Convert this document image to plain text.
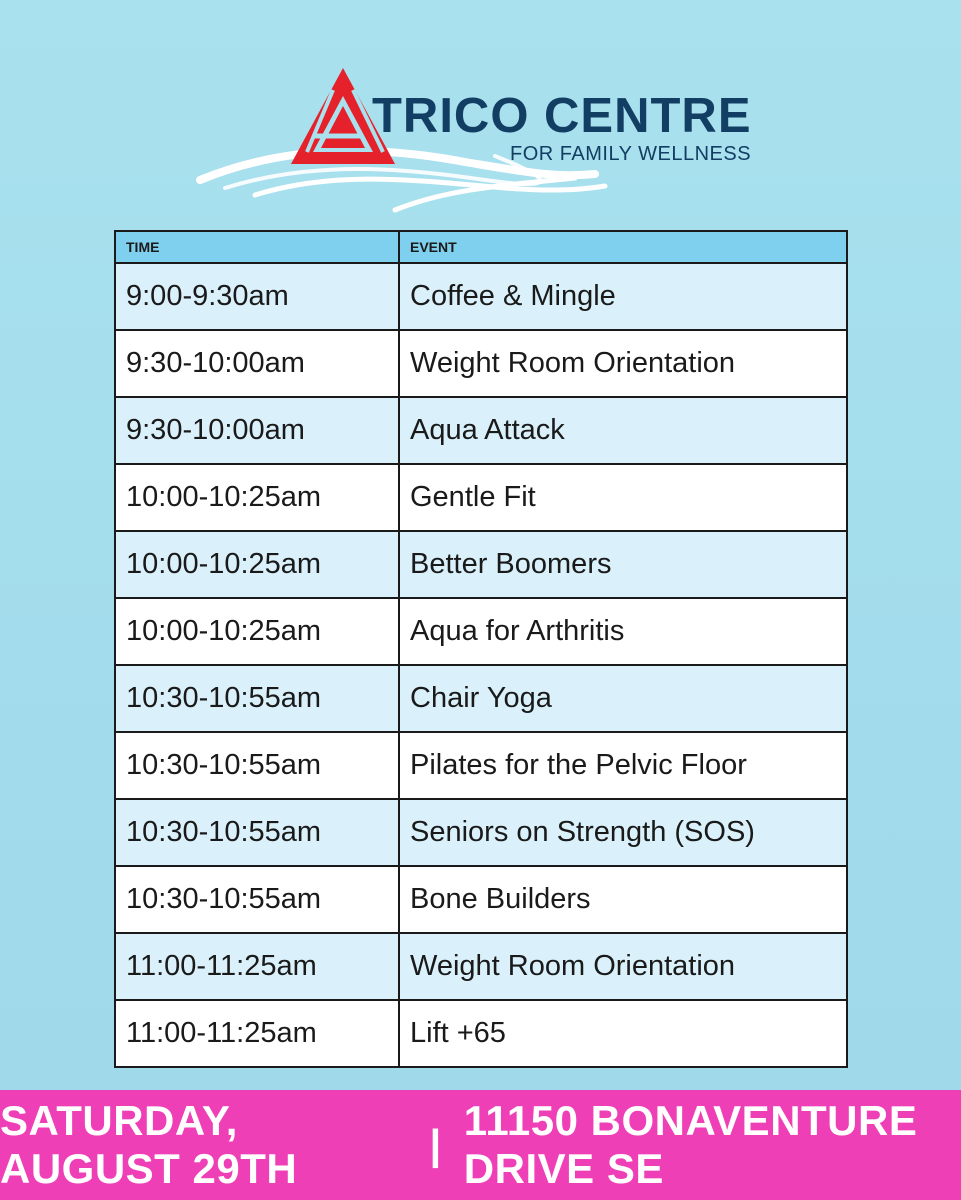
TRICO CENTRE
FOR FAMILY WELLNESS
TIME	EVENT
9:00-9:30am	Coffee & Mingle
9:30-10:00am	Weight Room Orientation
9:30-10:00am	Aqua Attack
10:00-10:25am	Gentle Fit
10:00-10:25am	Better Boomers
10:00-10:25am	Aqua for Arthritis
10:30-10:55am	Chair Yoga
10:30-10:55am	Pilates for the Pelvic Floor
10:30-10:55am	Seniors on Strength (SOS)
10:30-10:55am	Bone Builders
11:00-11:25am	Weight Room Orientation
11:00-11:25am	Lift +65
SATURDAY, AUGUST 29TH
|
11150 BONAVENTURE DRIVE SE
